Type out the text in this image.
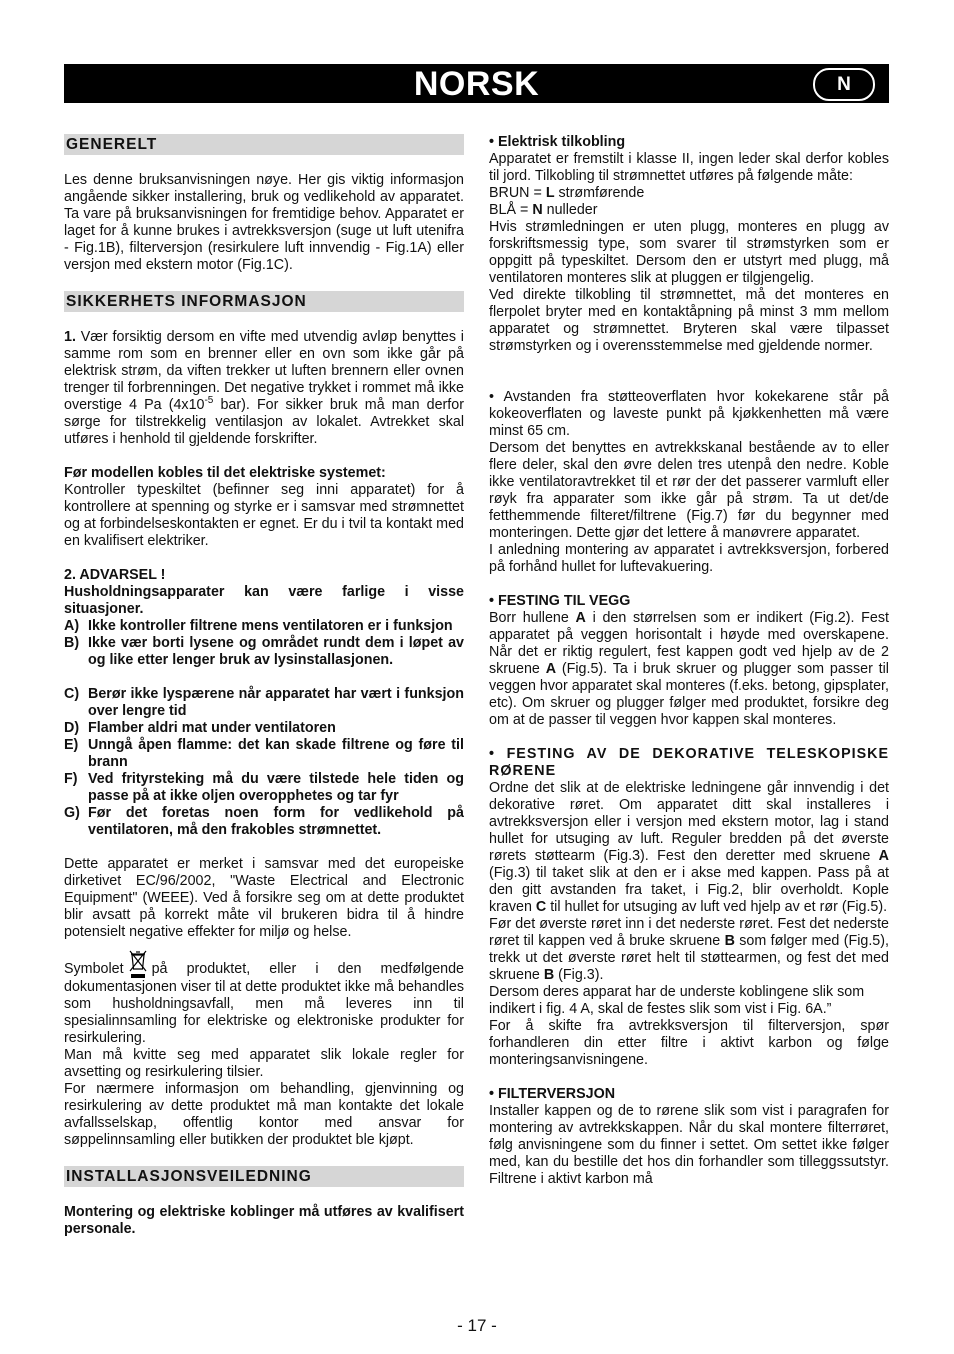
NORSK	N
GENERELT

Les denne bruksanvisningen nøye. Her gis viktig informasjon angående sikker installering, bruk og vedlikehold av apparatet. Ta vare på bruksanvisningen for fremtidige behov. Apparatet er laget for å kunne brukes i avtrekksversjon (suge ut luft utenifra - Fig.1B), filterversjon (resirkulere luft innvendig - Fig.1A) eller versjon med ekstern motor (Fig.1C).

SIKKERHETS INFORMASJON

1. Vær forsiktig dersom en vifte med utvendig avløp benyttes i samme rom som en brenner eller en ovn som ikke går på elektrisk strøm, da viften trekker ut luften brennern eller ovnen trenger til forbrenningen. Det negative trykket i rommet må ikke overstige 4 Pa ($4x10^{-5}$ bar). For sikker bruk må man derfor sørge for tilstrekkelig ventilasjon av lokalet. Avtrekket skal utføres i henhold til gjeldende forskrifter.

Før modellen kobles til det elektriske systemet:

Kontroller typeskiltet (befinner seg inni apparatet) for å kontrollere at spenning og styrke er i samsvar med strømnettet og at forbindelseskontakten er egnet. Er du i tvil ta kontakt med en kvalifisert elektriker.

2. ADVARSEL !

Husholdningsapparater kan være farlige i visse situasjoner.

A) Ikke kontroller filtrene mens ventilatoren er i funksjon
B) Ikke vær borti lysene og området rundt dem i løpet av og like etter lenger bruk av lysinstallasjonen.
C) Berør ikke lyspærene når apparatet har vært i funksjon over lengre tid
D) Flamber aldri mat under ventilatoren
E) Unngå åpen flamme: det kan skade filtrene og føre til brann
F) Ved frityrsteking må du være tilstede hele tiden og passe på at ikke oljen overopphetes og tar fyr
G) Før det foretas noen form for vedlikehold på ventilatoren, må den frakobles strømnettet.

Dette apparatet er merket i samsvar med det europeiske dirketivet EC/96/2002, "Waste Electrical and Electronic Equipment" (WEEE). Ved å forsikre seg om at dette produktet blir avsatt på korrekt måte vil brukeren bidra til å hindre potensielt negative effekter for miljø og helse.

Symbolet på produktet, eller i den medfølgende dokumentasjonen viser til at dette produktet ikke må behandles som husholdningsavfall, men må leveres inn til spesialinnsamling for elektriske og elektroniske produkter for resirkulering.

Man må kvitte seg med apparatet slik lokale regler for avsetting og resirkulering tilsier.

For nærmere informasjon om behandling, gjenvinning og resirkulering av dette produktet må man kontakte det lokale avfallsselskap, offentlig kontor med ansvar for søppelinnsamling eller butikken der produktet ble kjøpt.

INSTALLASJONSVEILEDNING

Montering og elektriske koblinger må utføres av kvalifisert personale.

• Elektrisk tilkobling

Apparatet er fremstilt i klasse II, ingen leder skal derfor kobles til jord. Tilkobling til strømnettet utføres på følgende måte:

BRUN = L strømførende

BLÅ = N nulleder

Hvis strømledningen er uten plugg, monteres en plugg av forskriftsmessig type, som svarer til strømstyrken som er oppgitt på typeskiltet. Dersom den er utstyrt med plugg, må ventilatoren monteres slik at pluggen er tilgjengelig.

Ved direkte tilkobling til strømnettet, må det monteres en flerpolet bryter med en kontaktåpning på minst 3 mm mellom apparatet og strømnettet. Bryteren skal være tilpasset strømstyrken og i overensstemmelse med gjeldende normer.

• Avstanden fra støtteoverflaten hvor kokekarene står på kokeoverflaten og laveste punkt på kjøkkenhetten må være minst 65 cm.

Dersom det benyttes en avtrekkskanal bestående av to eller flere deler, skal den øvre delen tres utenpå den nedre. Koble ikke ventilatoravtrekket til et rør der det passerer varmluft eller røyk fra apparater som ikke går på strøm. Ta ut det/de fetthemmende filteret/filtrene (Fig.7) før du begynner med monteringen. Dette gjør det lettere å manøvrere apparatet.

I anledning montering av apparatet i avtrekksversjon, forbered på forhånd hullet for luftevakuering.

• FESTING TIL VEGG

Borr hullene A i den størrelsen som er indikert (Fig.2). Fest apparatet på veggen horisontalt i høyde med overskapene. Når det er riktig regulert, fest kappen godt ved hjelp av de 2 skruene A (Fig.5). Ta i bruk skruer og plugger som passer til veggen hvor apparatet skal monteres (f.eks. betong, gipsplater, etc). Om skruer og plugger følger med produktet, forsikre deg om at de passer til veggen hvor kappen skal monteres.

• FESTING AV DE DEKORATIVE TELESKOPISKE RØRENE

Ordne det slik at de elektriske ledningene går innvendig i det dekorative røret. Om apparatet ditt skal installeres i avtrekksversjon eller i versjon med ekstern motor, lag i stand hullet for utsuging av luft. Reguler bredden på det øverste rørets støttearm (Fig.3). Fest den deretter med skruene A (Fig.3) til taket slik at den er i akse med kappen. Pass på at den gitt avstanden fra taket, i Fig.2, blir overholdt. Kople kraven C til hullet for utsuging av luft ved hjelp av et rør (Fig.5).

Før det øverste røret inn i det nederste røret. Fest det nederste røret til kappen ved å bruke skruene B som følger med (Fig.5), trekk ut det øverste røret helt til støttearmen, og fest det med skruene B (Fig.3).

Dersom deres apparat har de underste koblingene slik som indikert i fig. 4 A, skal de festes slik som vist i Fig. 6A.”

For å skifte fra avtrekksversjon til filterversjon, spør forhandleren din etter filtre i aktivt karbon og følge monteringsanvisningene.

• FILTERVERSJON

Installer kappen og de to rørene slik som vist i paragrafen for montering av avtrekkskappen. Når du skal montere filterrøret, følg anvisningene som du finner i settet. Om settet ikke følger med, kan du bestille det hos din forhandler som tilleggssutstyr. Filtrene i aktivt karbon må

- 17 -
